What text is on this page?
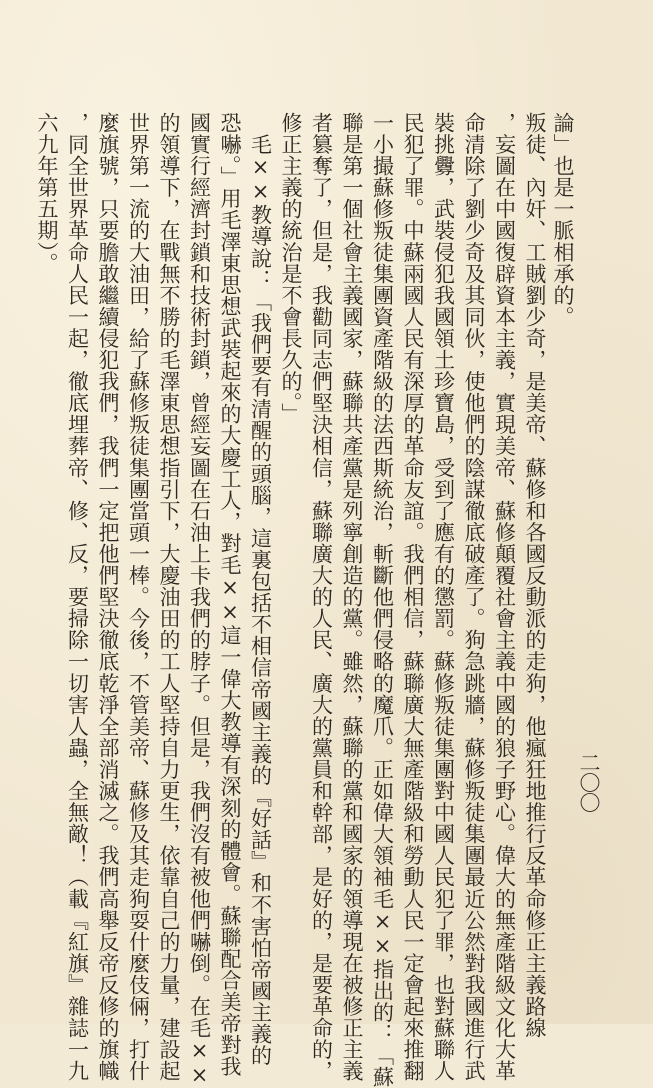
二〇〇
叛徒、內奸、工賊劉少奇，是美帝、蘇修和各國反動派的走狗，他瘋狂地推行反革命修正主義路線
，妄圖在中國復辟資本主義，實現美帝、蘇修顛覆社會主義中國的狼子野心。偉大的無產階級文化大革
命清除了劉少奇及其同伙，使他們的陰謀徹底破產了。狗急跳牆，蘇修叛徒集團最近公然對我國進行武
裝挑釁，武裝侵犯我國領土珍寶島，受到了應有的懲罰。蘇修叛徒集團對中國人民犯了罪，也對蘇聯人
民犯了罪。中蘇兩國人民有深厚的革命友誼。我們相信，蘇聯廣大無產階級和勞動人民一定會起來推翻
一小撮蘇修叛徒集團資產階級的法西斯統治，斬斷他們侵略的魔爪。正如偉大領袖毛××指出的：「蘇
聯是第一個社會主義國家，蘇聯共產黨是列寧創造的黨。雖然，蘇聯的黨和國家的領導現在被修正主義
者篡奪了，但是，我勸同志們堅決相信，蘇聯廣大的人民、廣大的黨員和幹部，是好的，是要革命的，
修正主義的統治是不會長久的。」
　毛××教導說：「我們要有清醒的頭腦，這裏包括不相信帝國主義的『好話』和不害怕帝國主義的
恐嚇。」用毛澤東思想武裝起來的大慶工人，對毛××這一偉大教導有深刻的體會。蘇聯配合美帝對我
國實行經濟封鎖和技術封鎖，曾經妄圖在石油上卡我們的脖子。但是，我們沒有被他們嚇倒。在毛××
的領導下，在戰無不勝的毛澤東思想指引下，大慶油田的工人堅持自力更生，依靠自己的力量，建設起
世界第一流的大油田，給了蘇修叛徒集團當頭一棒。今後，不管美帝、蘇修及其走狗耍什麼伎倆，打什
麼旗號，只要膽敢繼續侵犯我們，我們一定把他們堅決徹底乾淨全部消滅之。我們高舉反帝反修的旗幟
，同全世界革命人民一起，徹底埋葬帝、修、反，要掃除一切害人蟲，全無敵！（載『紅旗』雜誌一九
六九年第五期）。	論」也是一脈相承的。
